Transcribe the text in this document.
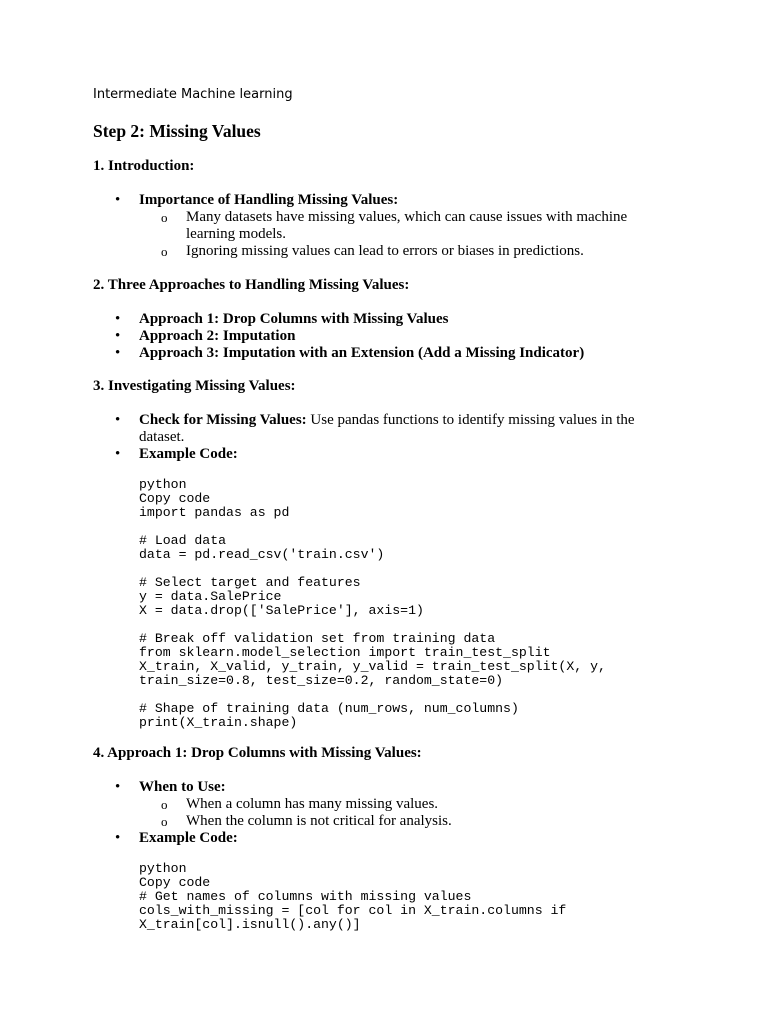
Intermediate Machine learning
Step 2: Missing Values
1. Introduction:
• Importance of Handling Missing Values:
o Many datasets have missing values, which can cause issues with machine learning models.
o Ignoring missing values can lead to errors or biases in predictions.
2. Three Approaches to Handling Missing Values:
• Approach 1: Drop Columns with Missing Values
• Approach 2: Imputation
• Approach 3: Imputation with an Extension (Add a Missing Indicator)
3. Investigating Missing Values:
• Check for Missing Values: Use pandas functions to identify missing values in the dataset.
• Example Code:
python
Copy code
import pandas as pd

# Load data
data = pd.read_csv('train.csv')

# Select target and features
y = data.SalePrice
X = data.drop(['SalePrice'], axis=1)

# Break off validation set from training data
from sklearn.model_selection import train_test_split
X_train, X_valid, y_train, y_valid = train_test_split(X, y,
train_size=0.8, test_size=0.2, random_state=0)

# Shape of training data (num_rows, num_columns)
print(X_train.shape)
4. Approach 1: Drop Columns with Missing Values:
• When to Use:
o When a column has many missing values.
o When the column is not critical for analysis.
• Example Code:
python
Copy code
# Get names of columns with missing values
cols_with_missing = [col for col in X_train.columns if
X_train[col].isnull().any()]
